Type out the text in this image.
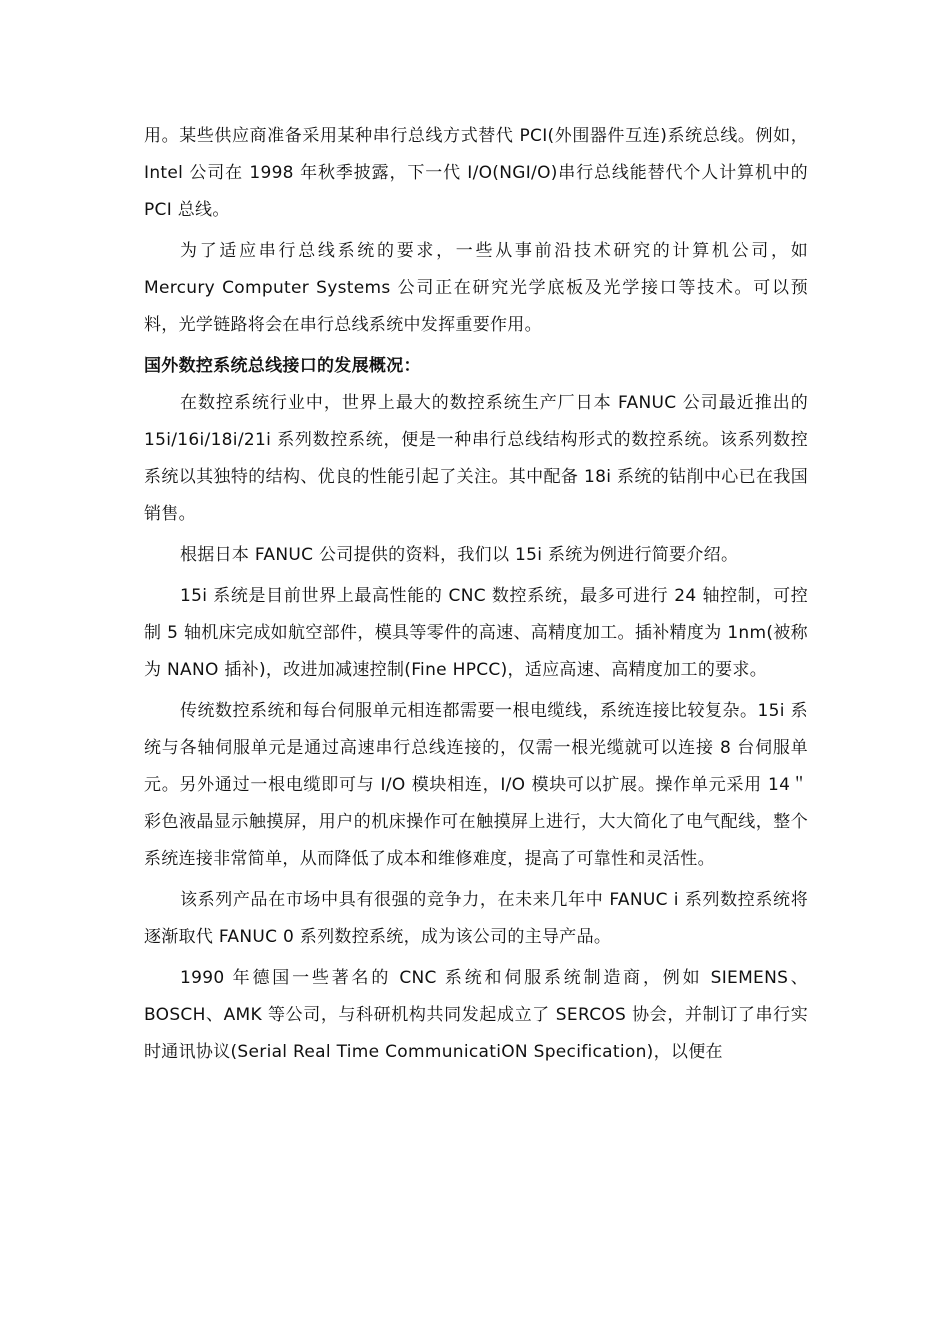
用。某些供应商准备采用某种串行总线方式替代 PCI(外围器件互连)系统总线。例如，Intel 公司在 1998 年秋季披露，下一代 I/O(NGI/O)串行总线能替代个人计算机中的 PCI 总线。

为了适应串行总线系统的要求，一些从事前沿技术研究的计算机公司，如 Mercury Computer Systems 公司正在研究光学底板及光学接口等技术。可以预料，光学链路将会在串行总线系统中发挥重要作用。

国外数控系统总线接口的发展概况：

在数控系统行业中，世界上最大的数控系统生产厂日本 FANUC 公司最近推出的 15i/16i/18i/21i 系列数控系统，便是一种串行总线结构形式的数控系统。该系列数控系统以其独特的结构、优良的性能引起了关注。其中配备 18i 系统的钻削中心已在我国销售。

根据日本 FANUC 公司提供的资料，我们以 15i 系统为例进行简要介绍。

15i 系统是目前世界上最高性能的 CNC 数控系统，最多可进行 24 轴控制，可控制 5 轴机床完成如航空部件，模具等零件的高速、高精度加工。插补精度为 1nm(被称为 NANO 插补)，改进加减速控制(Fine HPCC)，适应高速、高精度加工的要求。

传统数控系统和每台伺服单元相连都需要一根电缆线，系统连接比较复杂。15i 系统与各轴伺服单元是通过高速串行总线连接的，仅需一根光缆就可以连接 8 台伺服单元。另外通过一根电缆即可与 I/O 模块相连，I/O 模块可以扩展。操作单元采用 14＂彩色液晶显示触摸屏，用户的机床操作可在触摸屏上进行，大大简化了电气配线，整个系统连接非常简单，从而降低了成本和维修难度，提高了可靠性和灵活性。

该系列产品在市场中具有很强的竞争力，在未来几年中 FANUC i 系列数控系统将逐渐取代 FANUC 0 系列数控系统，成为该公司的主导产品。

1990 年德国一些著名的 CNC 系统和伺服系统制造商，例如 SIEMENS、BOSCH、AMK 等公司，与科研机构共同发起成立了 SERCOS 协会，并制订了串行实时通讯协议(Serial Real Time CommunicatiON Specification)，以便在
